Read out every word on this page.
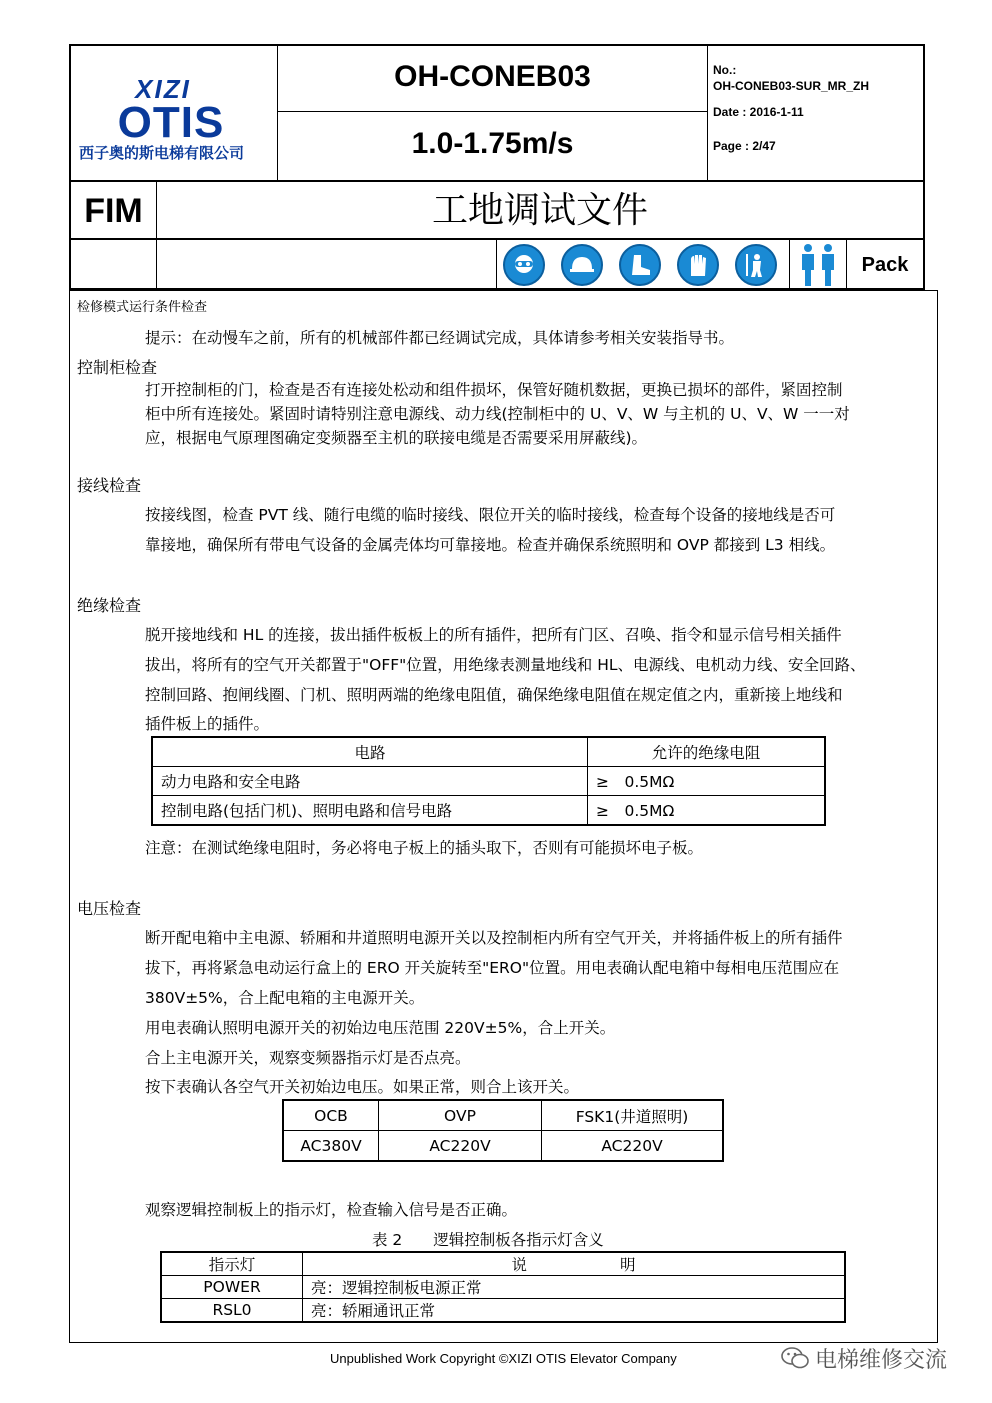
XIZI
OTIS
西子奥的斯电梯有限公司
OH-CONEB03
1.0-1.75m/s
No.:
OH-CONEB03-SUR_MR_ZH
Date : 2016-1-11
Page : 2/47
FIM	工地调试文件
Pack
检修模式运行条件检查
提示：在动慢车之前，所有的机械部件都已经调试完成，具体请参考相关安装指导书。
控制柜检查
打开控制柜的门，检查是否有连接处松动和组件损坏，保管好随机数据，更换已损坏的部件，紧固控制
柜中所有连接处。紧固时请特别注意电源线、动力线(控制柜中的 U、V、W 与主机的 U、V、W 一一对
应，根据电气原理图确定变频器至主机的联接电缆是否需要采用屏蔽线)。
接线检查
按接线图，检查 PVT 线、随行电缆的临时接线、限位开关的临时接线，检查每个设备的接地线是否可
靠接地，确保所有带电气设备的金属壳体均可靠接地。检查并确保系统照明和 OVP 都接到 L3 相线。
绝缘检查
脱开接地线和 HL 的连接，拔出插件板板上的所有插件，把所有门区、召唤、指令和显示信号相关插件
拔出，将所有的空气开关都置于"OFF"位置，用绝缘表测量地线和 HL、电源线、电机动力线、安全回路、
控制回路、抱闸线圈、门机、照明两端的绝缘电阻值，确保绝缘电阻值在规定值之内，重新接上地线和
插件板上的插件。
电路	允许的绝缘电阻
动力电路和安全电路	≥　0.5MΩ
控制电路(包括门机)、照明电路和信号电路	≥　0.5MΩ
注意：在测试绝缘电阻时，务必将电子板上的插头取下，否则有可能损坏电子板。
电压检查
断开配电箱中主电源、轿厢和井道照明电源开关以及控制柜内所有空气开关，并将插件板上的所有插件
拔下，再将紧急电动运行盒上的 ERO 开关旋转至"ERO"位置。用电表确认配电箱中每相电压范围应在
380V±5%，合上配电箱的主电源开关。
用电表确认照明电源开关的初始边电压范围 220V±5%，合上开关。
合上主电源开关，观察变频器指示灯是否点亮。
按下表确认各空气开关初始边电压。如果正常，则合上该开关。
OCB	OVP	FSK1(井道照明)
AC380V	AC220V	AC220V
观察逻辑控制板上的指示灯，检查输入信号是否正确。
表 2　　逻辑控制板各指示灯含义
指示灯	说　　　　　　明
POWER	亮：逻辑控制板电源正常
RSL0	亮：轿厢通讯正常
Unpublished Work Copyright ©XIZI OTIS Elevator Company	电梯维修交流
